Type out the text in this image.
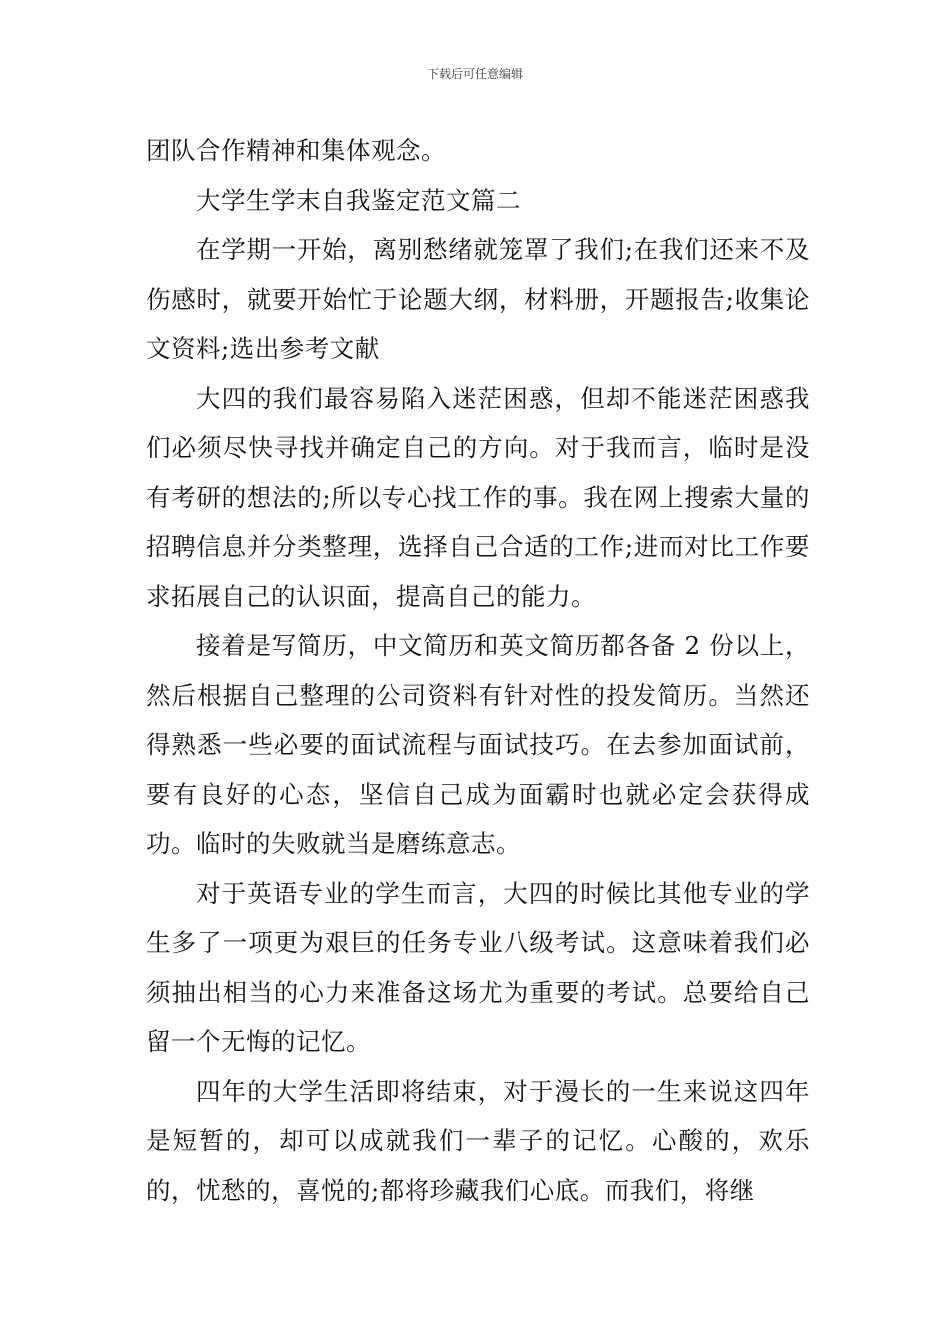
下载后可任意编辑

团队合作精神和集体观念。

大学生学末自我鉴定范文篇二

在学期一开始，离别愁绪就笼罩了我们;在我们还来不及伤感时，就要开始忙于论题大纲，材料册，开题报告;收集论文资料;选出参考文献

大四的我们最容易陷入迷茫困惑，但却不能迷茫困惑我们必须尽快寻找并确定自己的方向。对于我而言，临时是没有考研的想法的;所以专心找工作的事。我在网上搜索大量的招聘信息并分类整理，选择自己合适的工作;进而对比工作要求拓展自己的认识面，提高自己的能力。

接着是写简历，中文简历和英文简历都各备 2 份以上，然后根据自己整理的公司资料有针对性的投发简历。当然还得熟悉一些必要的面试流程与面试技巧。在去参加面试前，要有良好的心态，坚信自己成为面霸时也就必定会获得成功。临时的失败就当是磨练意志。

对于英语专业的学生而言，大四的时候比其他专业的学生多了一项更为艰巨的任务专业八级考试。这意味着我们必须抽出相当的心力来准备这场尤为重要的考试。总要给自己留一个无悔的记忆。

四年的大学生活即将结束，对于漫长的一生来说这四年是短暂的，却可以成就我们一辈子的记忆。心酸的，欢乐的，忧愁的，喜悦的;都将珍藏我们心底。而我们，将继
